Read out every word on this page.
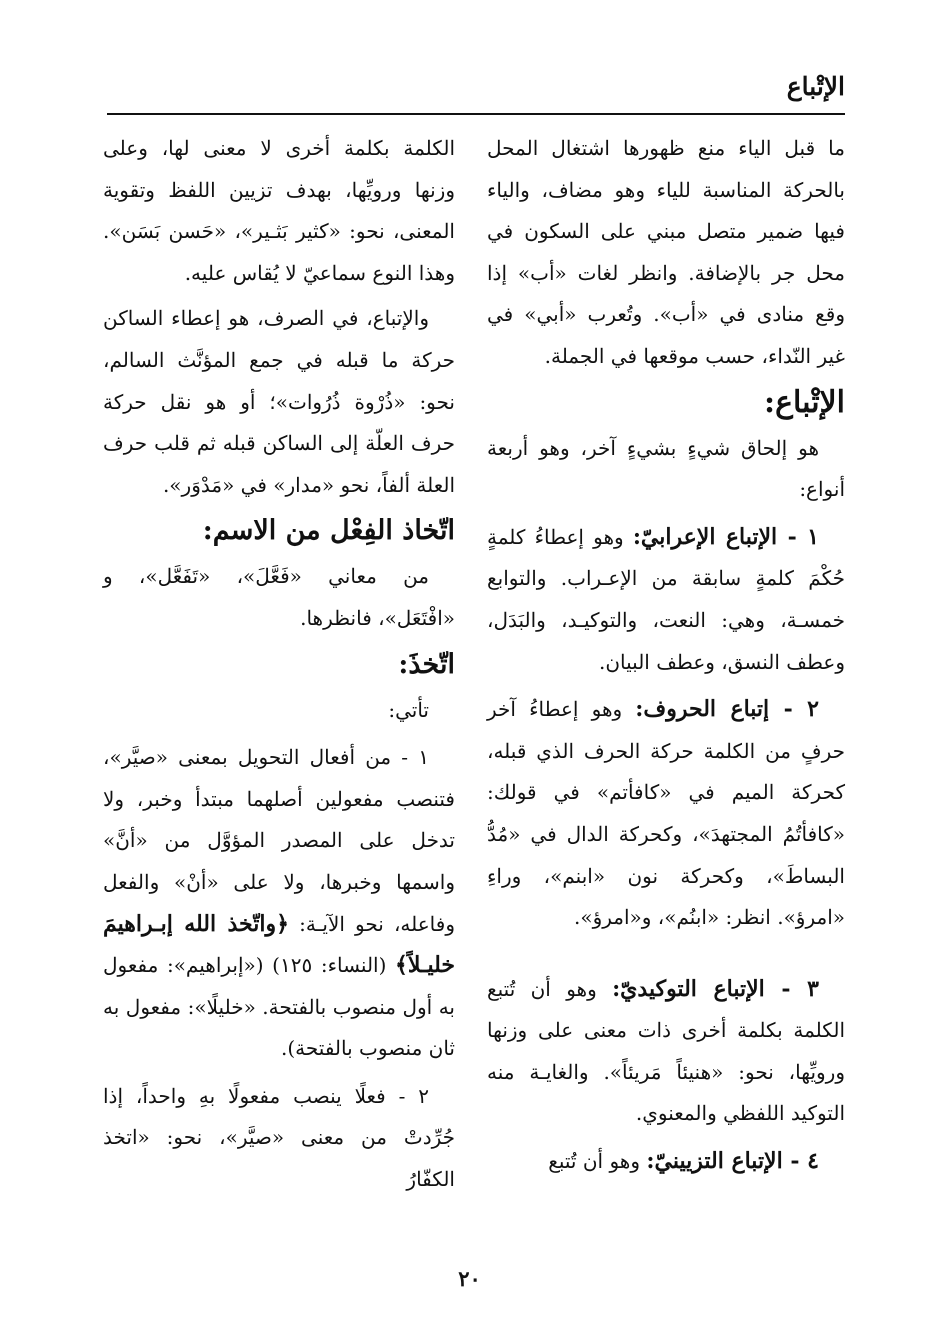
الإتْباع

ما قبل الياء منع ظهورها اشتغال المحل بالحركة المناسبة للياء وهو مضاف، والياء فيها ضمير متصل مبني على السكون في محل جر بالإضافة. وانظر لغات «أب» إذا وقع منادى في «أب». وتُعرب «أبي» في غير النّداء، حسب موقعها في الجملة.

الإتْباع:

هو إلحاق شيءٍ بشيءٍ آخر، وهو أربعة أنواع:

١ - الإتباع الإعرابيّ: وهو إعطاءُ كلمةٍ حُكْمَ كلمةٍ سابقة من الإعـراب. والتوابع خمسـة، وهي: النعت، والتوكيـد، والبَدَل، وعطف النسق، وعطف البيان.

٢ - إتباع الحروف: وهو إعطاءُ آخر حرفٍ من الكلمة حركة الحرف الذي قبله، كحركة الميم في «كافأتم» في قولك: «كافأتُمُ المجتهدَ»، وكحركة الدال في «مُدُّ البساطَ»، وكحركة نون «ابنم»، وراءِ «امرؤ». انظر: «ابنُم»، و«امرؤ».

٣ - الإتباع التوكيديّ: وهو أن تُتبع الكلمة بكلمة أخرى ذات معنى على وزنها ورويِّها، نحو: «هنيئاً مَريئاً». والغايـة منه التوكيد اللفظي والمعنوي.

٤ - الإتباع التزيينيّ: وهو أن تُتبع

الكلمة بكلمة أخرى لا معنى لها، وعلى وزنها ورويِّها، بهدف تزيين اللفظ وتقوية المعنى، نحو: «كثير بَثـير»، «حَسن بَسَن». وهذا النوع سماعيّ لا يُقاس عليه.

والإتباع، في الصرف، هو إعطاء الساكن حركة ما قبله في جمع المؤنَّث السالم، نحو: «ذُرْوة ذُرُوات»؛ أو هو نقل حركة حرف العلّة إلى الساكن قبله ثم قلب حرف العلة ألفاً، نحو «مدار» في «مَدْوَر».

اتّخاذ الفِعْل من الاسم:

من معاني «فَعَّلَ»، «تَفَعَّل»، و «افْتَعَل»، فانظرها.

اتّخذَ:

تأتي:

١ - من أفعال التحويل بمعنى «صيَّر»، فتنصب مفعولين أصلهما مبتدأ وخبر، ولا تدخل على المصدر المؤوَّل من «أنَّ» واسمها وخبرها، ولا على «أنْ» والفعل وفاعله، نحو الآيـة: ﴿واتّخذ الله إبـراهيمَ خليـلاً﴾ (النساء: ١٢٥) («إبراهيم»: مفعول به أول منصوب بالفتحة. «خليلًا»: مفعول به ثان منصوب بالفتحة).

٢ - فعلًا ينصب مفعولًا بهِ واحداً، إذا جُرِّدتْ من معنى «صيَّر»، نحو: «اتخذ الكفّارُ

٢٠
